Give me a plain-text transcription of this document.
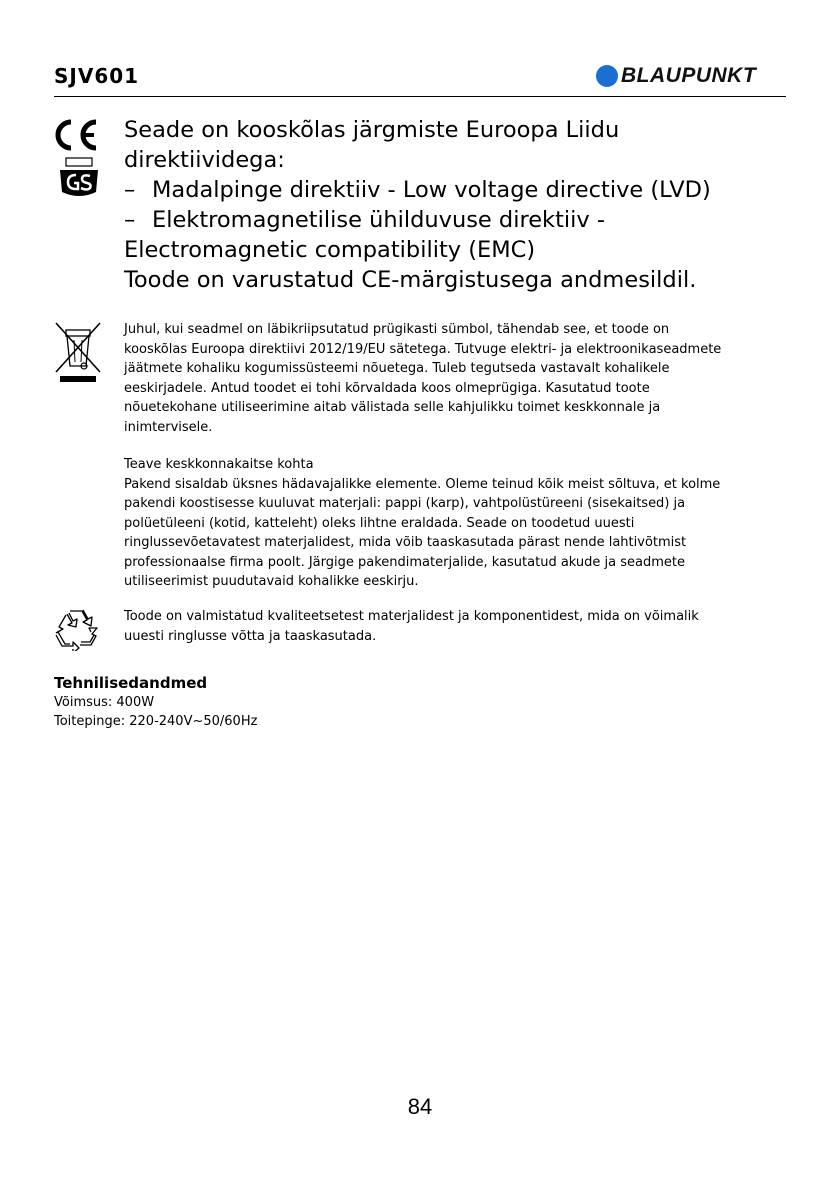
SJV601	BLAUPUNKT

Seade on kooskõlas järgmiste Euroopa Liidu

direktiividega:

– Madalpinge direktiiv - Low voltage directive (LVD)

– Elektromagnetilise ühilduvuse direktiiv -

Electromagnetic compatibility (EMC)

Toode on varustatud CE-märgistusega andmesildil.

Juhul, kui seadmel on läbikriipsutatud prügikasti sümbol, tähendab see, et toode on

kooskõlas Euroopa direktiivi 2012/19/EU sätetega. Tutvuge elektri- ja elektroonikaseadmete

jäätmete kohaliku kogumissüsteemi nõuetega. Tuleb tegutseda vastavalt kohalikele

eeskirjadele. Antud toodet ei tohi kõrvaldada koos olmeprügiga. Kasutatud toote

nõuetekohane utiliseerimine aitab välistada selle kahjulikku toimet keskkonnale ja

inimtervisele.

Teave keskkonnakaitse kohta

Pakend sisaldab üksnes hädavajalikke elemente. Oleme teinud kõik meist sõltuva, et kolme

pakendi koostisesse kuuluvat materjali: pappi (karp), vahtpolüstüreeni (sisekaitsed) ja

polüetüleeni (kotid, katteleht) oleks lihtne eraldada. Seade on toodetud uuesti

ringlussevõetavatest materjalidest, mida võib taaskasutada pärast nende lahtivõtmist

professionaalse firma poolt. Järgige pakendimaterjalide, kasutatud akude ja seadmete

utiliseerimist puudutavaid kohalikke eeskirju.

Toode on valmistatud kvaliteetsetest materjalidest ja komponentidest, mida on võimalik

uuesti ringlusse võtta ja taaskasutada.

Tehnilisedandmed
Võimsus: 400W
Toitepinge: 220-240V~50/60Hz
84
